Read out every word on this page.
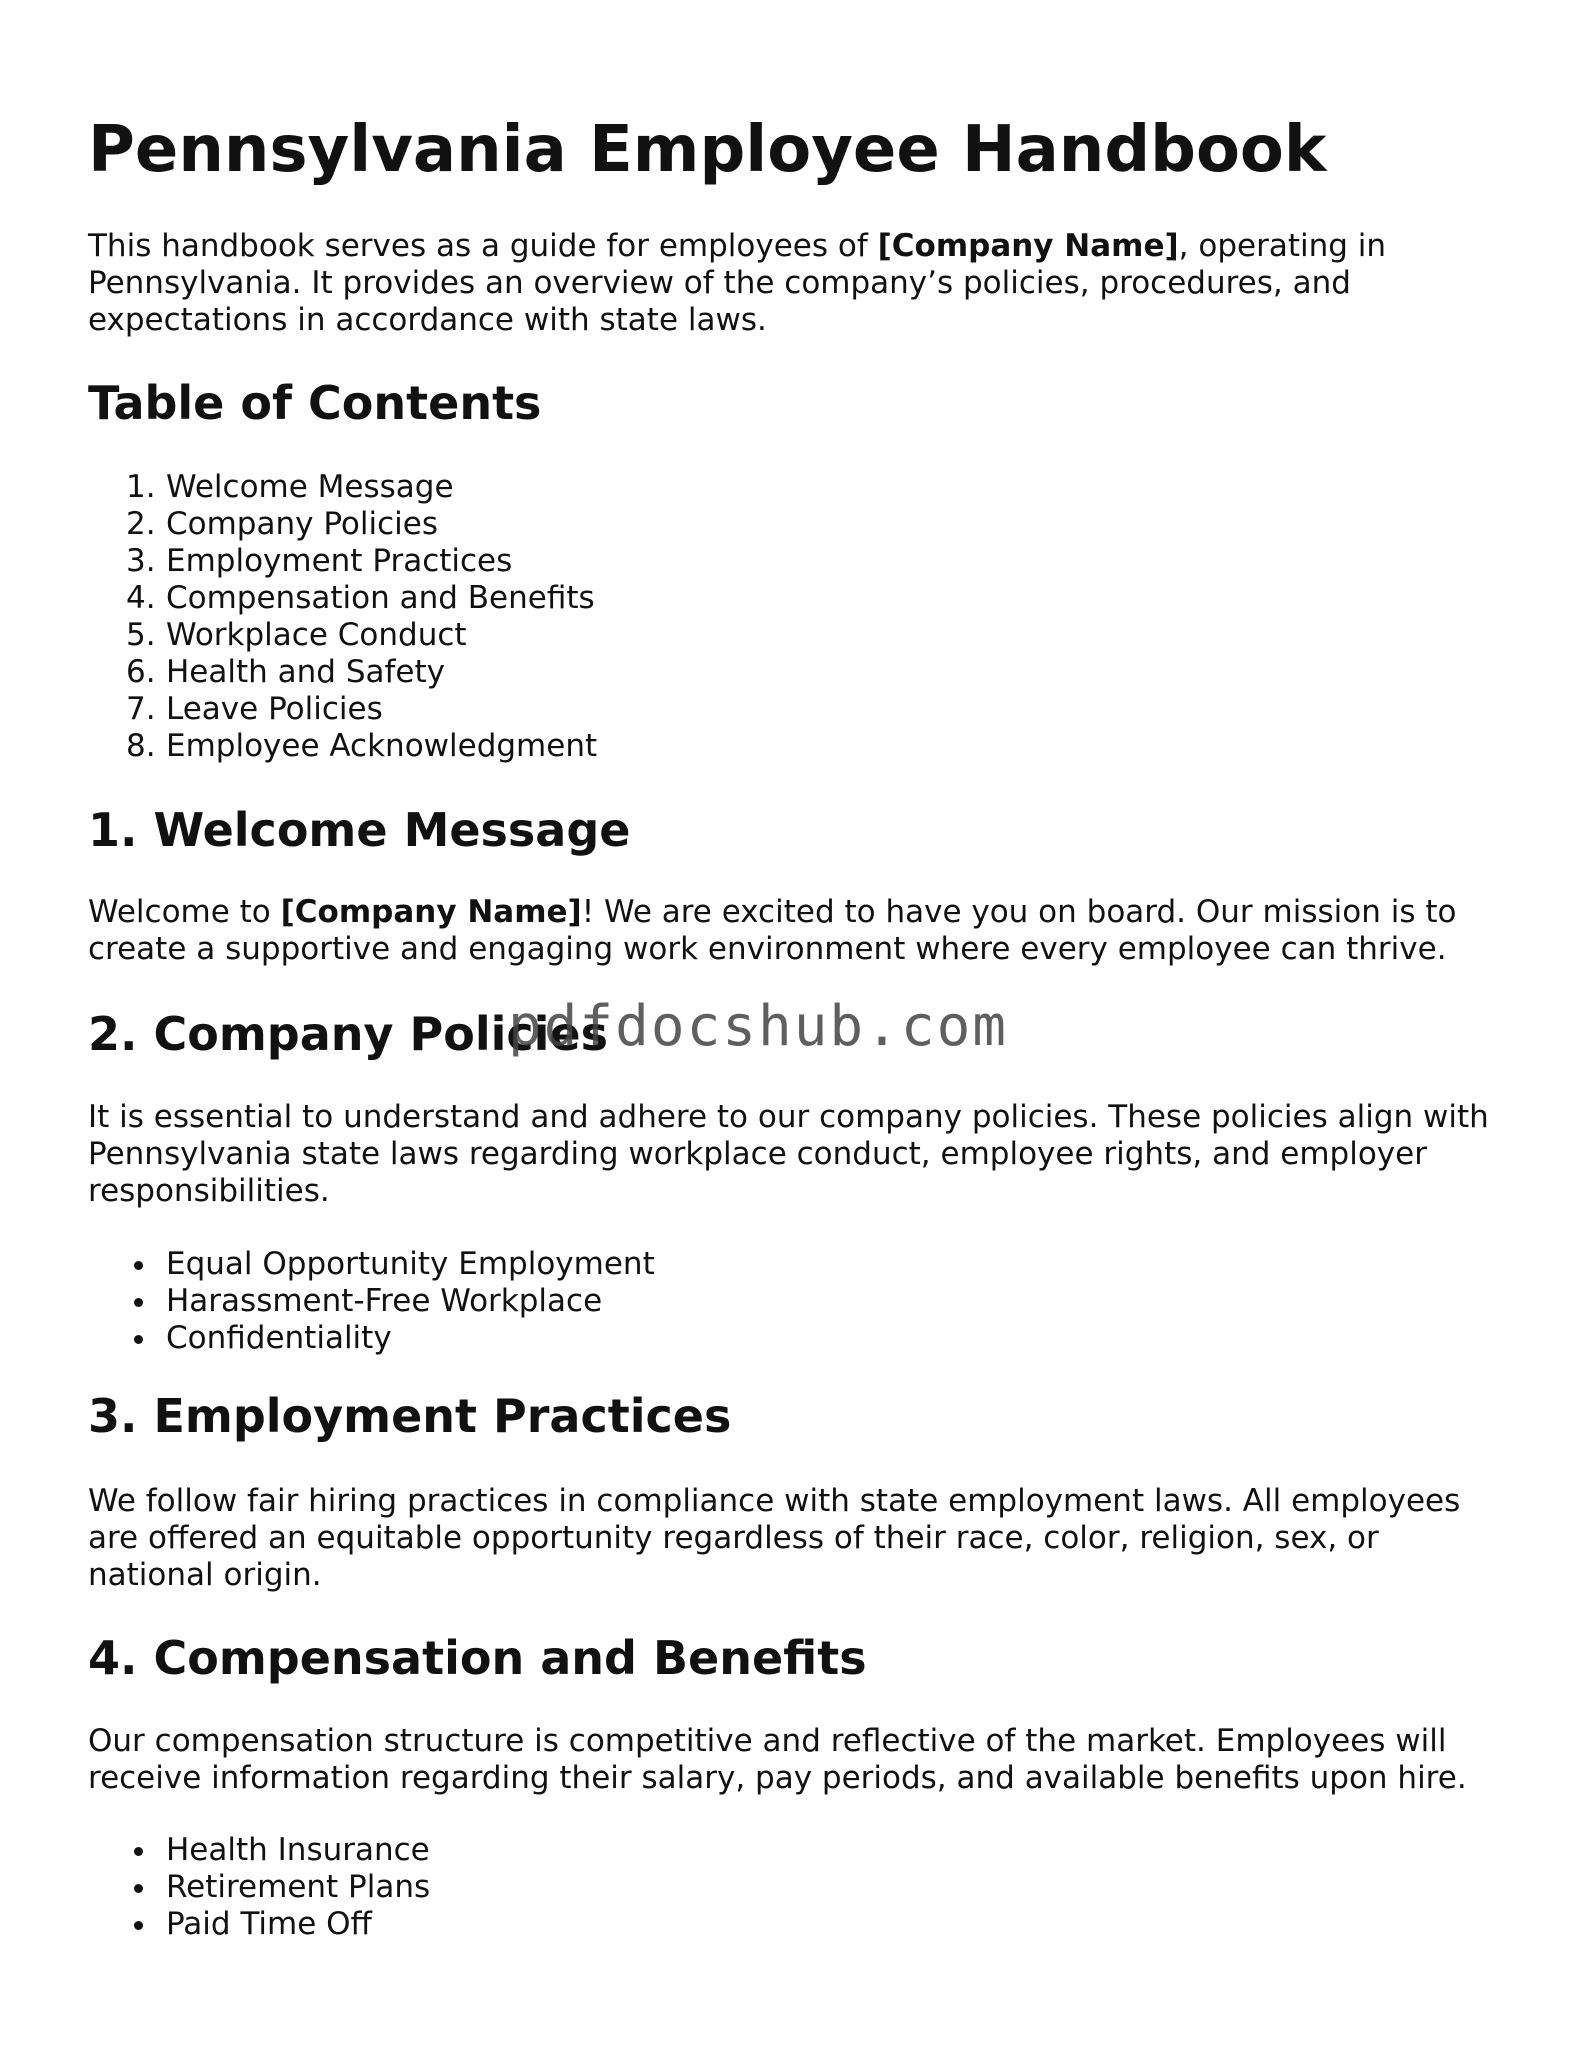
Pennsylvania Employee Handbook

This handbook serves as a guide for employees of [Company Name], operating in Pennsylvania. It provides an overview of the company’s policies, procedures, and expectations in accordance with state laws.

Table of Contents
1. Welcome Message
2. Company Policies
3. Employment Practices
4. Compensation and Benefits
5. Workplace Conduct
6. Health and Safety
7. Leave Policies
8. Employee Acknowledgment
1. Welcome Message

Welcome to [Company Name]! We are excited to have you on board. Our mission is to create a supportive and engaging work environment where every employee can thrive.

2. Company Policies

It is essential to understand and adhere to our company policies. These policies align with Pennsylvania state laws regarding workplace conduct, employee rights, and employer responsibilities.

Equal Opportunity Employment
Harassment-Free Workplace
Confidentiality
3. Employment Practices

We follow fair hiring practices in compliance with state employment laws. All employees are offered an equitable opportunity regardless of their race, color, religion, sex, or national origin.

4. Compensation and Benefits

Our compensation structure is competitive and reflective of the market. Employees will receive information regarding their salary, pay periods, and available benefits upon hire.

Health Insurance
Retirement Plans
Paid Time Off
pdfdocshub.com
